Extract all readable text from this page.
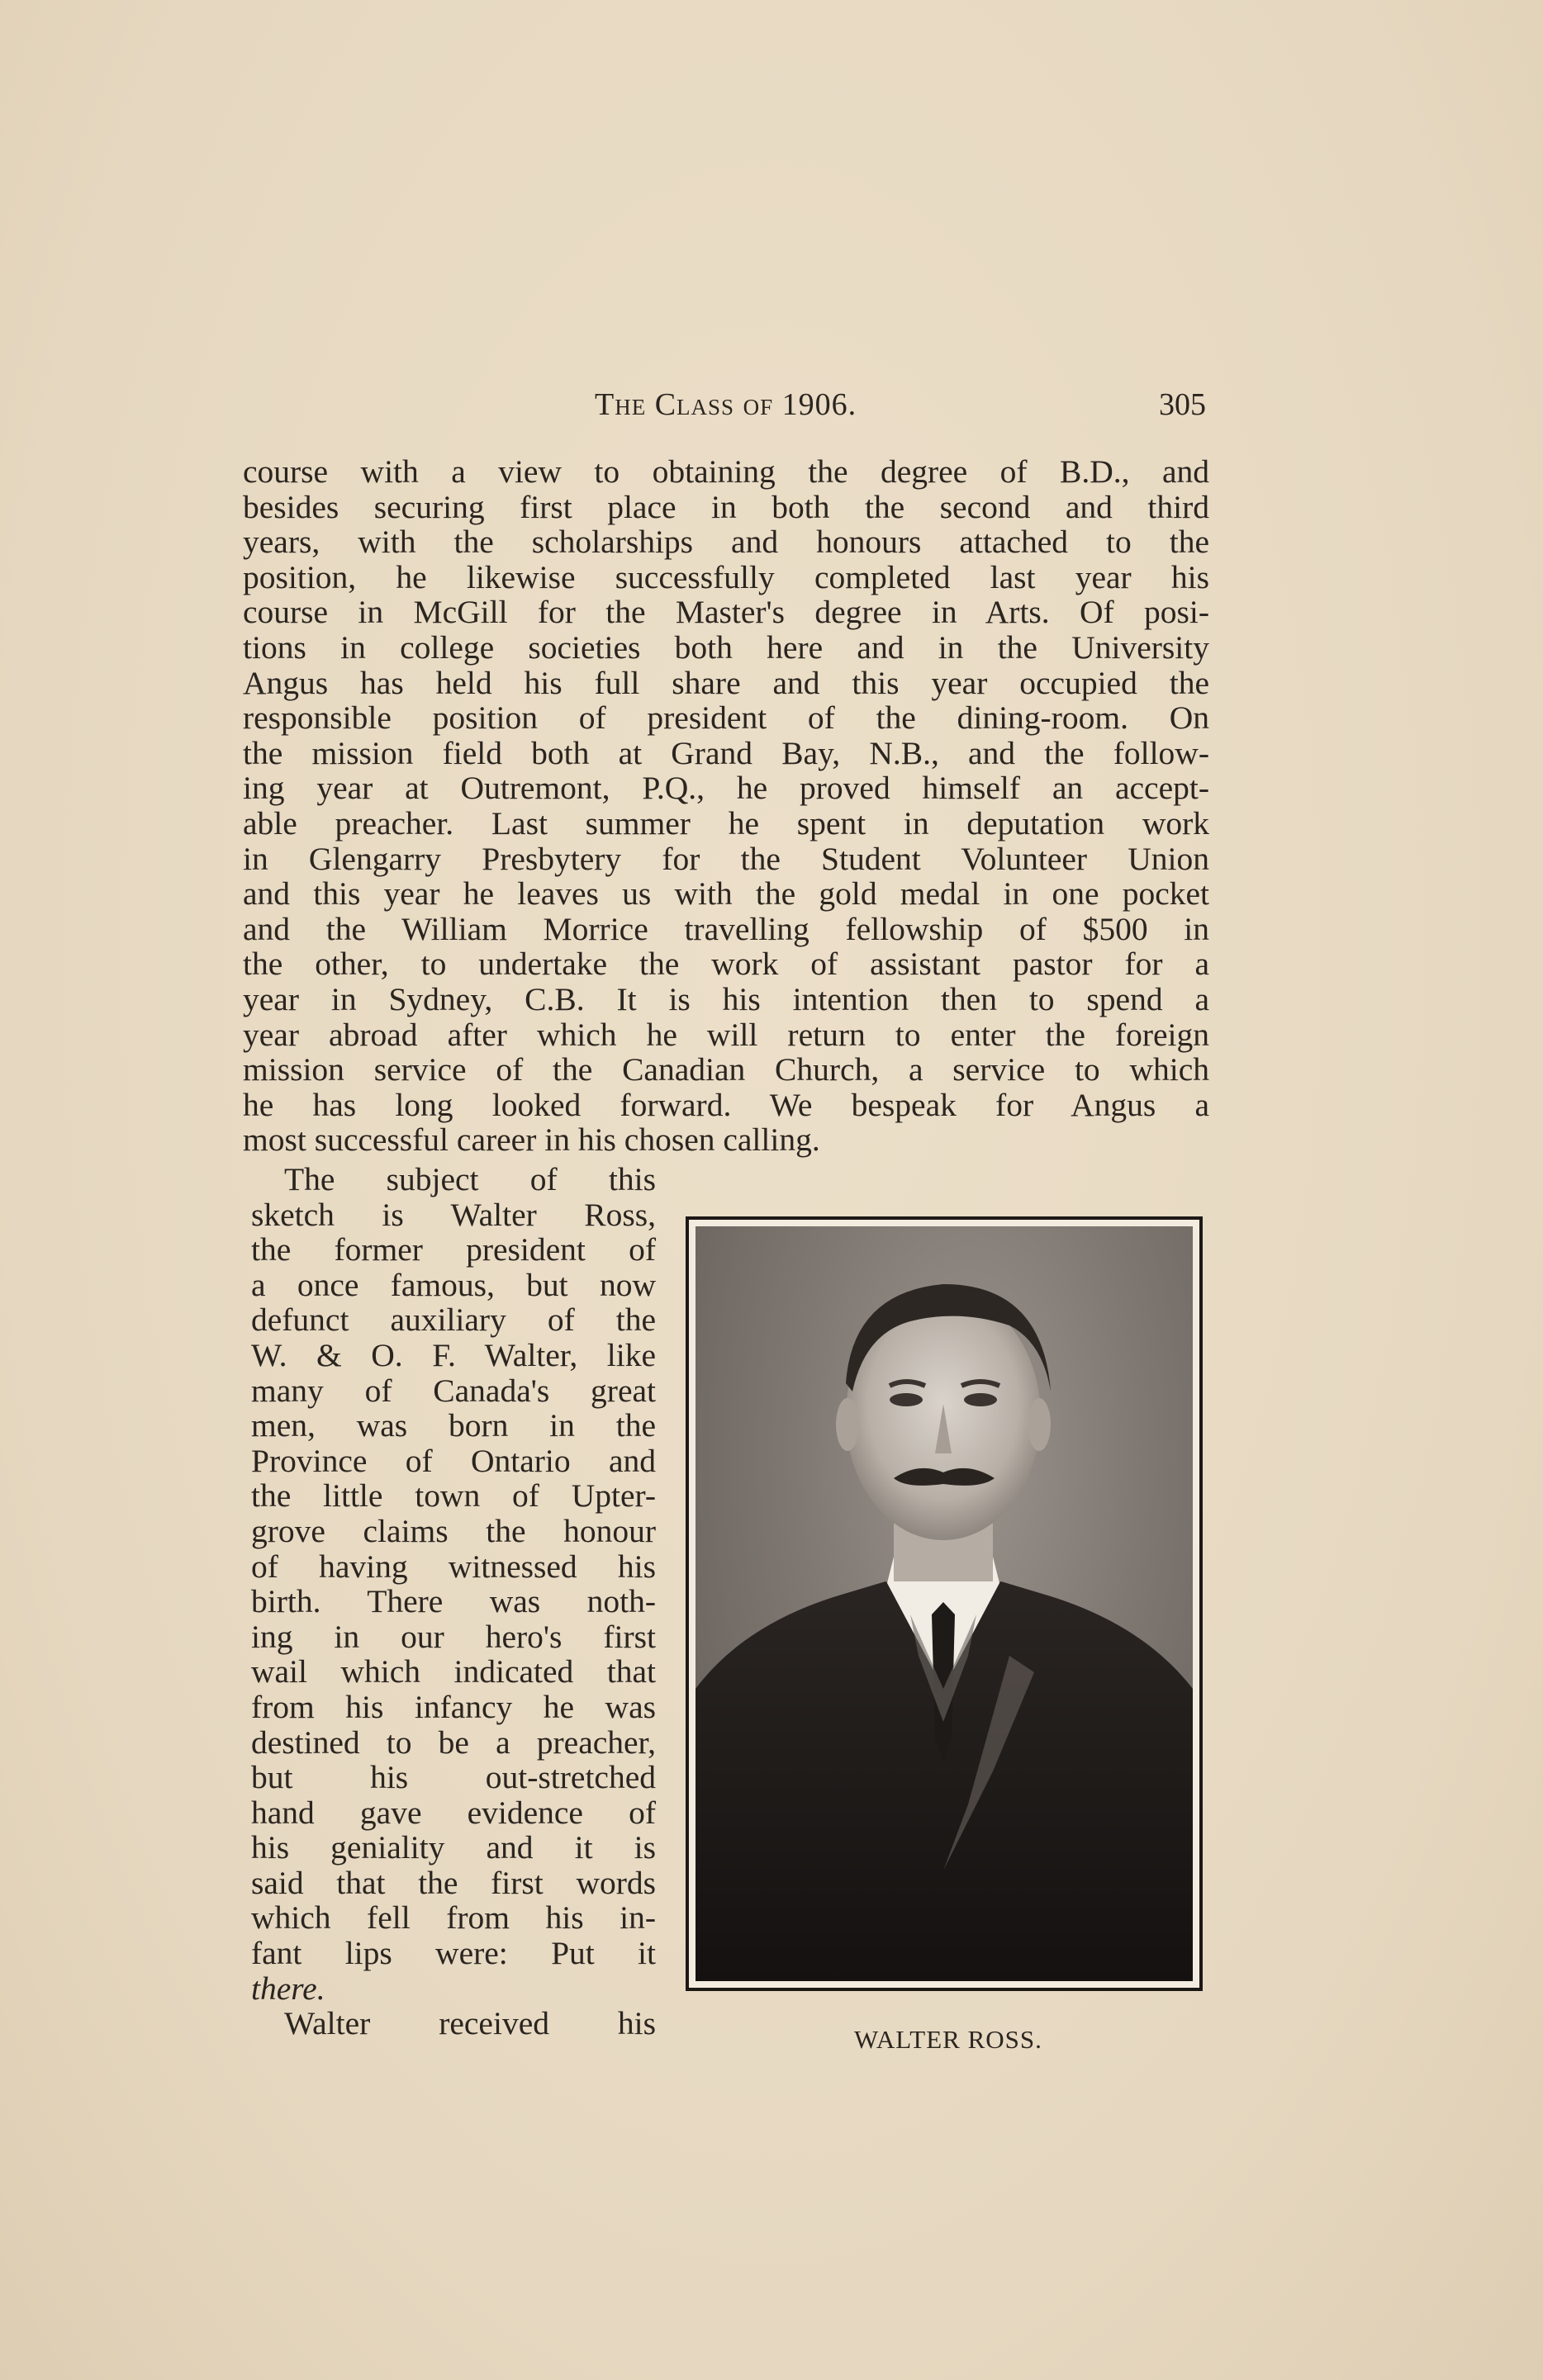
The Class of 1906.	305
course with a view to obtaining the degree of B.D., and
besides securing first place in both the second and third
years, with the scholarships and honours attached to the
position, he likewise successfully completed last year his
course in McGill for the Master's degree in Arts. Of posi-
tions in college societies both here and in the University
Angus has held his full share and this year occupied the
responsible position of president of the dining-room. On
the mission field both at Grand Bay, N.B., and the follow-
ing year at Outremont, P.Q., he proved himself an accept-
able preacher. Last summer he spent in deputation work
in Glengarry Presbytery for the Student Volunteer Union
and this year he leaves us with the gold medal in one pocket
and the William Morrice travelling fellowship of $500 in
the other, to undertake the work of assistant pastor for a
year in Sydney, C.B. It is his intention then to spend a
year abroad after which he will return to enter the foreign
mission service of the Canadian Church, a service to which
he has long looked forward. We bespeak for Angus a
most successful career in his chosen calling.
The subject of this
sketch is Walter Ross,
the former president of
a once famous, but now
defunct auxiliary of the
W. & O. F. Walter, like
many of Canada's great
men, was born in the
Province of Ontario and
the little town of Upter-
grove claims the honour
of having witnessed his
birth. There was noth-
ing in our hero's first
wail which indicated that
from his infancy he was
destined to be a preacher,
but his out-stretched
hand gave evidence of
his geniality and it is
said that the first words
which fell from his in-
fant lips were: Put it
there.
Walter received his	WALTER ROSS.
